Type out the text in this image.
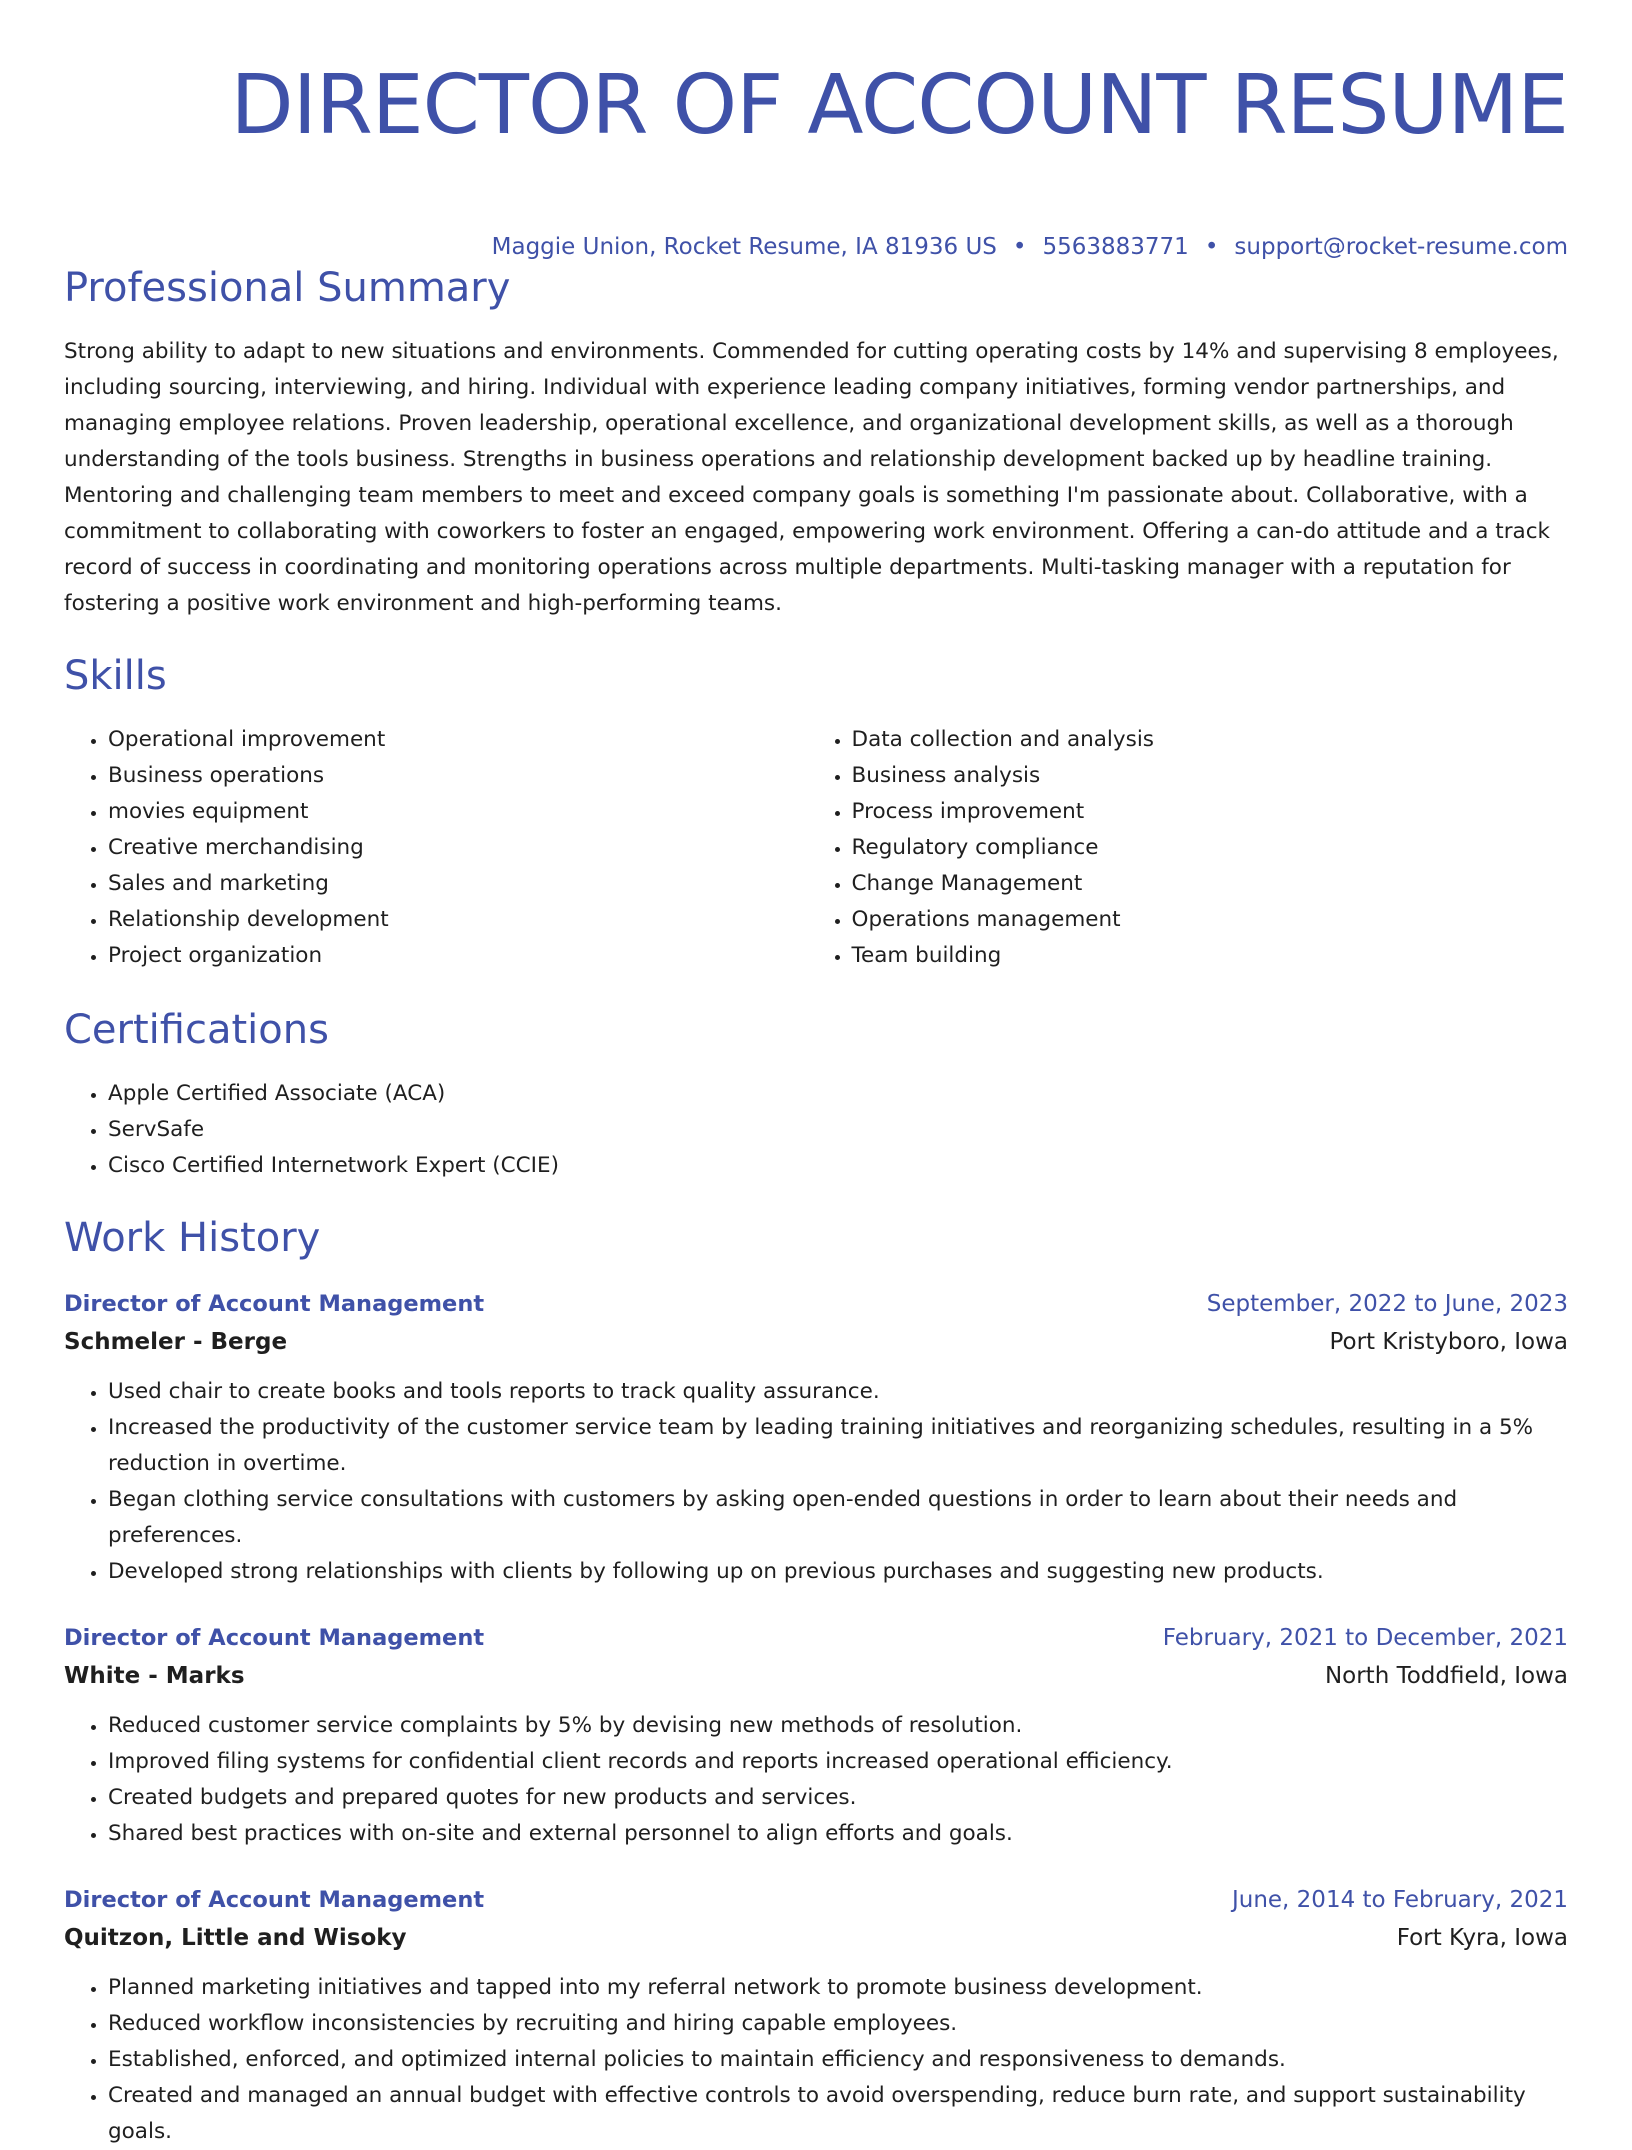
DIRECTOR OF ACCOUNT RESUME
Maggie Union, Rocket Resume, IA 81936 US • 5563883771 • support@rocket-resume.com
Professional Summary

Strong ability to adapt to new situations and environments. Commended for cutting operating costs by 14% and supervising 8 employees, including sourcing, interviewing, and hiring. Individual with experience leading company initiatives, forming vendor partnerships, and managing employee relations. Proven leadership, operational excellence, and organizational development skills, as well as a thorough understanding of the tools business. Strengths in business operations and relationship development backed up by headline training. Mentoring and challenging team members to meet and exceed company goals is something I'm passionate about. Collaborative, with a commitment to collaborating with coworkers to foster an engaged, empowering work environment. Offering a can-do attitude and a track record of success in coordinating and monitoring operations across multiple departments. Multi-tasking manager with a reputation for fostering a positive work environment and high-performing teams.

Skills
• Operational improvement
• Business operations
• movies equipment
• Creative merchandising
• Sales and marketing
• Relationship development
• Project organization
• Data collection and analysis
• Business analysis
• Process improvement
• Regulatory compliance
• Change Management
• Operations management
• Team building
Certifications
• Apple Certified Associate (ACA)
• ServSafe
• Cisco Certified Internetwork Expert (CCIE)
Work History
Director of Account Management	September, 2022 to June, 2023
Schmeler - Berge	Port Kristyboro, Iowa
• Used chair to create books and tools reports to track quality assurance.
• Increased the productivity of the customer service team by leading training initiatives and reorganizing schedules, resulting in a 5% reduction in overtime.
• Began clothing service consultations with customers by asking open-ended questions in order to learn about their needs and preferences.
• Developed strong relationships with clients by following up on previous purchases and suggesting new products.
Director of Account Management	February, 2021 to December, 2021
White - Marks	North Toddfield, Iowa
• Reduced customer service complaints by 5% by devising new methods of resolution.
• Improved filing systems for confidential client records and reports increased operational efficiency.
• Created budgets and prepared quotes for new products and services.
• Shared best practices with on-site and external personnel to align efforts and goals.
Director of Account Management	June, 2014 to February, 2021
Quitzon, Little and Wisoky	Fort Kyra, Iowa
• Planned marketing initiatives and tapped into my referral network to promote business development.
• Reduced workflow inconsistencies by recruiting and hiring capable employees.
• Established, enforced, and optimized internal policies to maintain efficiency and responsiveness to demands.
• Created and managed an annual budget with effective controls to avoid overspending, reduce burn rate, and support sustainability goals.
